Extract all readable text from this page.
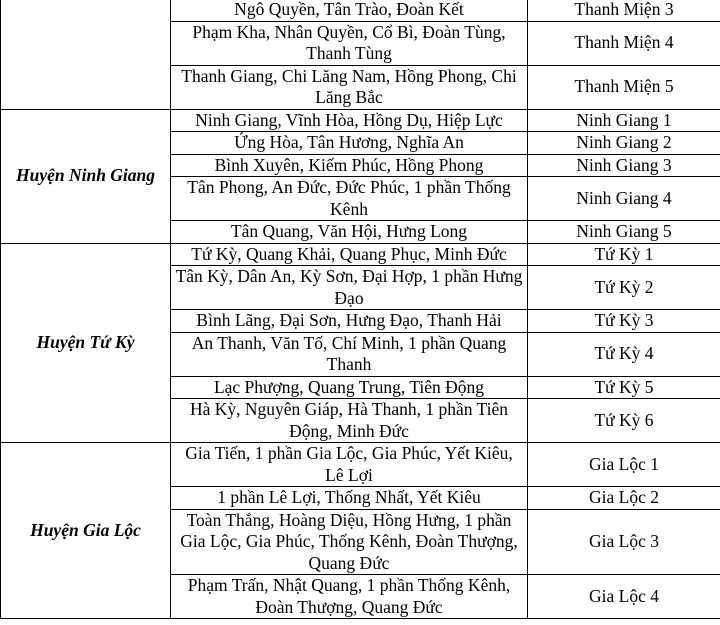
	Ngô Quyền, Tân Trào, Đoàn Kết	Thanh Miện 3
	Phạm Kha, Nhân Quyền, Cổ Bì, Đoàn Tùng, Thanh Tùng	Thanh Miện 4
	Thanh Giang, Chi Lăng Nam, Hồng Phong, Chi Lăng Bắc	Thanh Miện 5
Huyện Ninh Giang	Ninh Giang, Vĩnh Hòa, Hồng Dụ, Hiệp Lực	Ninh Giang 1
	Ứng Hòa, Tân Hương, Nghĩa An	Ninh Giang 2
	Bình Xuyên, Kiếm Phúc, Hồng Phong	Ninh Giang 3
	Tân Phong, An Đức, Đức Phúc, 1 phần Thống Kênh	Ninh Giang 4
	Tân Quang, Văn Hội, Hưng Long	Ninh Giang 5
Huyện Tứ Kỳ	Tứ Kỳ, Quang Khải, Quang Phục, Minh Đức	Tứ Kỳ 1
	Tân Kỳ, Dân An, Kỳ Sơn, Đại Hợp, 1 phần Hưng Đạo	Tứ Kỳ 2
	Bình Lãng, Đại Sơn, Hưng Đạo, Thanh Hải	Tứ Kỳ 3
	An Thanh, Văn Tố, Chí Minh, 1 phần Quang Thanh	Tứ Kỳ 4
	Lạc Phượng, Quang Trung, Tiên Động	Tứ Kỳ 5
	Hà Kỳ, Nguyên Giáp, Hà Thanh, 1 phần Tiên Động, Minh Đức	Tứ Kỳ 6
Huyện Gia Lộc	Gia Tiến, 1 phần Gia Lộc, Gia Phúc, Yết Kiêu, Lê Lợi	Gia Lộc 1
	1 phần Lê Lợi, Thống Nhất, Yết Kiêu	Gia Lộc 2
	Toàn Thắng, Hoàng Diệu, Hồng Hưng, 1 phần Gia Lộc, Gia Phúc, Thống Kênh, Đoàn Thượng, Quang Đức	Gia Lộc 3
	Phạm Trấn, Nhật Quang, 1 phần Thống Kênh, Đoàn Thượng, Quang Đức	Gia Lộc 4
